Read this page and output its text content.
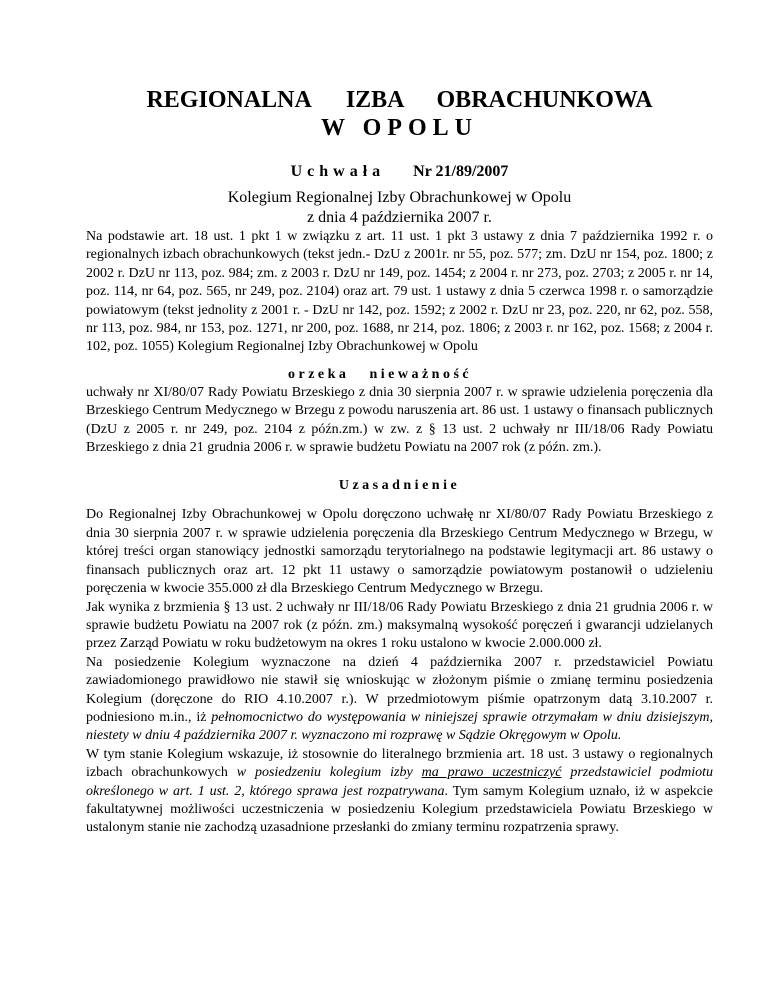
REGIONALNA IZBA OBRACHUNKOWA
W OPOLU
Uchwała Nr 21/89/2007
Kolegium Regionalnej Izby Obrachunkowej w Opolu
z dnia 4 października 2007 r.

Na podstawie art. 18 ust. 1 pkt 1 w związku z art. 11 ust. 1 pkt 3 ustawy z dnia 7 października 1992 r. o regionalnych izbach obrachunkowych (tekst jedn.- DzU z 2001r. nr 55, poz. 577; zm. DzU nr 154, poz. 1800; z 2002 r. DzU nr 113, poz. 984; zm. z 2003 r. DzU nr 149, poz. 1454; z 2004 r. nr 273, poz. 2703; z 2005 r. nr 14, poz. 114, nr 64, poz. 565, nr 249, poz. 2104) oraz art. 79 ust. 1 ustawy z dnia 5 czerwca 1998 r. o samorządzie powiatowym (tekst jednolity z 2001 r. - DzU nr 142, poz. 1592; z 2002 r. DzU nr 23, poz. 220, nr 62, poz. 558, nr 113, poz. 984, nr 153, poz. 1271, nr 200, poz. 1688, nr 214, poz. 1806; z 2003 r. nr 162, poz. 1568; z 2004 r. 102, poz. 1055) Kolegium Regionalnej Izby Obrachunkowej w Opolu

orzeka nieważność

uchwały nr XI/80/07 Rady Powiatu Brzeskiego z dnia 30 sierpnia 2007 r. w sprawie udzielenia poręczenia dla Brzeskiego Centrum Medycznego w Brzegu z powodu naruszenia art. 86 ust. 1 ustawy o finansach publicznych (DzU z 2005 r. nr 249, poz. 2104 z późn.zm.) w zw. z § 13 ust. 2 uchwały nr III/18/06 Rady Powiatu Brzeskiego z dnia 21 grudnia 2006 r. w sprawie budżetu Powiatu na 2007 rok (z późn. zm.).

Uzasadnienie

Do Regionalnej Izby Obrachunkowej w Opolu doręczono uchwałę nr XI/80/07 Rady Powiatu Brzeskiego z dnia 30 sierpnia 2007 r. w sprawie udzielenia poręczenia dla Brzeskiego Centrum Medycznego w Brzegu, w której treści organ stanowiący jednostki samorządu terytorialnego na podstawie legitymacji art. 86 ustawy o finansach publicznych oraz art. 12 pkt 11 ustawy o samorządzie powiatowym postanowił o udzieleniu poręczenia w kwocie 355.000 zł dla Brzeskiego Centrum Medycznego w Brzegu.

Jak wynika z brzmienia § 13 ust. 2 uchwały nr III/18/06 Rady Powiatu Brzeskiego z dnia 21 grudnia 2006 r. w sprawie budżetu Powiatu na 2007 rok (z późn. zm.) maksymalną wysokość poręczeń i gwarancji udzielanych przez Zarząd Powiatu w roku budżetowym na okres 1 roku ustalono w kwocie 2.000.000 zł.

Na posiedzenie Kolegium wyznaczone na dzień 4 października 2007 r. przedstawiciel Powiatu zawiadomionego prawidłowo nie stawił się wnioskując w złożonym piśmie o zmianę terminu posiedzenia Kolegium (doręczone do RIO 4.10.2007 r.). W przedmiotowym piśmie opatrzonym datą 3.10.2007 r. podniesiono m.in., iż pełnomocnictwo do występowania w niniejszej sprawie otrzymałam w dniu dzisiejszym, niestety w dniu 4 października 2007 r. wyznaczono mi rozprawę w Sądzie Okręgowym w Opolu.

W tym stanie Kolegium wskazuje, iż stosownie do literalnego brzmienia art. 18 ust. 3 ustawy o regionalnych izbach obrachunkowych w posiedzeniu kolegium izby ma prawo uczestniczyć przedstawiciel podmiotu określonego w art. 1 ust. 2, którego sprawa jest rozpatrywana. Tym samym Kolegium uznało, iż w aspekcie fakultatywnej możliwości uczestniczenia w posiedzeniu Kolegium przedstawiciela Powiatu Brzeskiego w ustalonym stanie nie zachodzą uzasadnione przesłanki do zmiany terminu rozpatrzenia sprawy.
